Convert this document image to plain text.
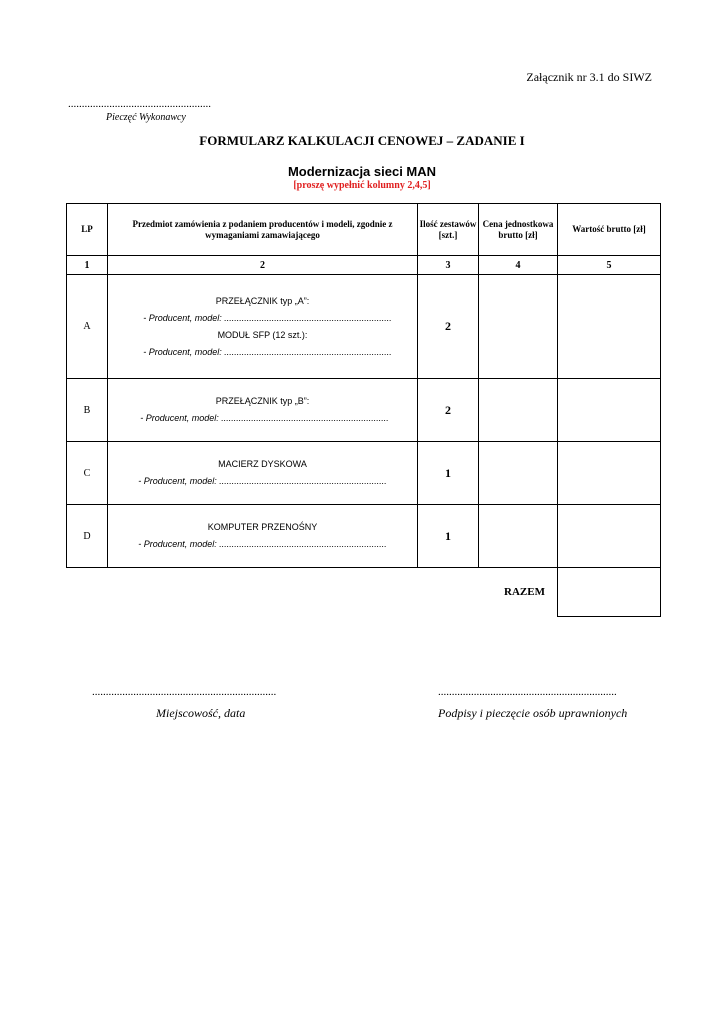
Załącznik nr 3.1 do SIWZ
....................................................
Pieczęć Wykonawcy
FORMULARZ KALKULACJI CENOWEJ – ZADANIE I
Modernizacja sieci MAN
[proszę wypełnić kolumny 2,4,5]
LP	Przedmiot zamówienia z podaniem producentów i modeli, zgodnie z wymaganiami zamawiającego	Ilość zestawów [szt.]	Cena jednostkowa brutto [zł]	Wartość brutto [zł]
1	2	3	4	5
A	PRZEŁĄCZNIK typ „A”:
- Producent, model: ...................................................................
MODUŁ SFP (12 szt.):
- Producent, model: ...................................................................	2		
B	PRZEŁĄCZNIK typ „B”:
- Producent, model: ...................................................................	2		
C	MACIERZ DYSKOWA
- Producent, model: ...................................................................	1		
D	KOMPUTER PRZENOŚNY
- Producent, model: ...................................................................	1		
	RAZEM			
...................................................................	.................................................................
Miejscowość, data	Podpisy i pieczęcie osób uprawnionych
